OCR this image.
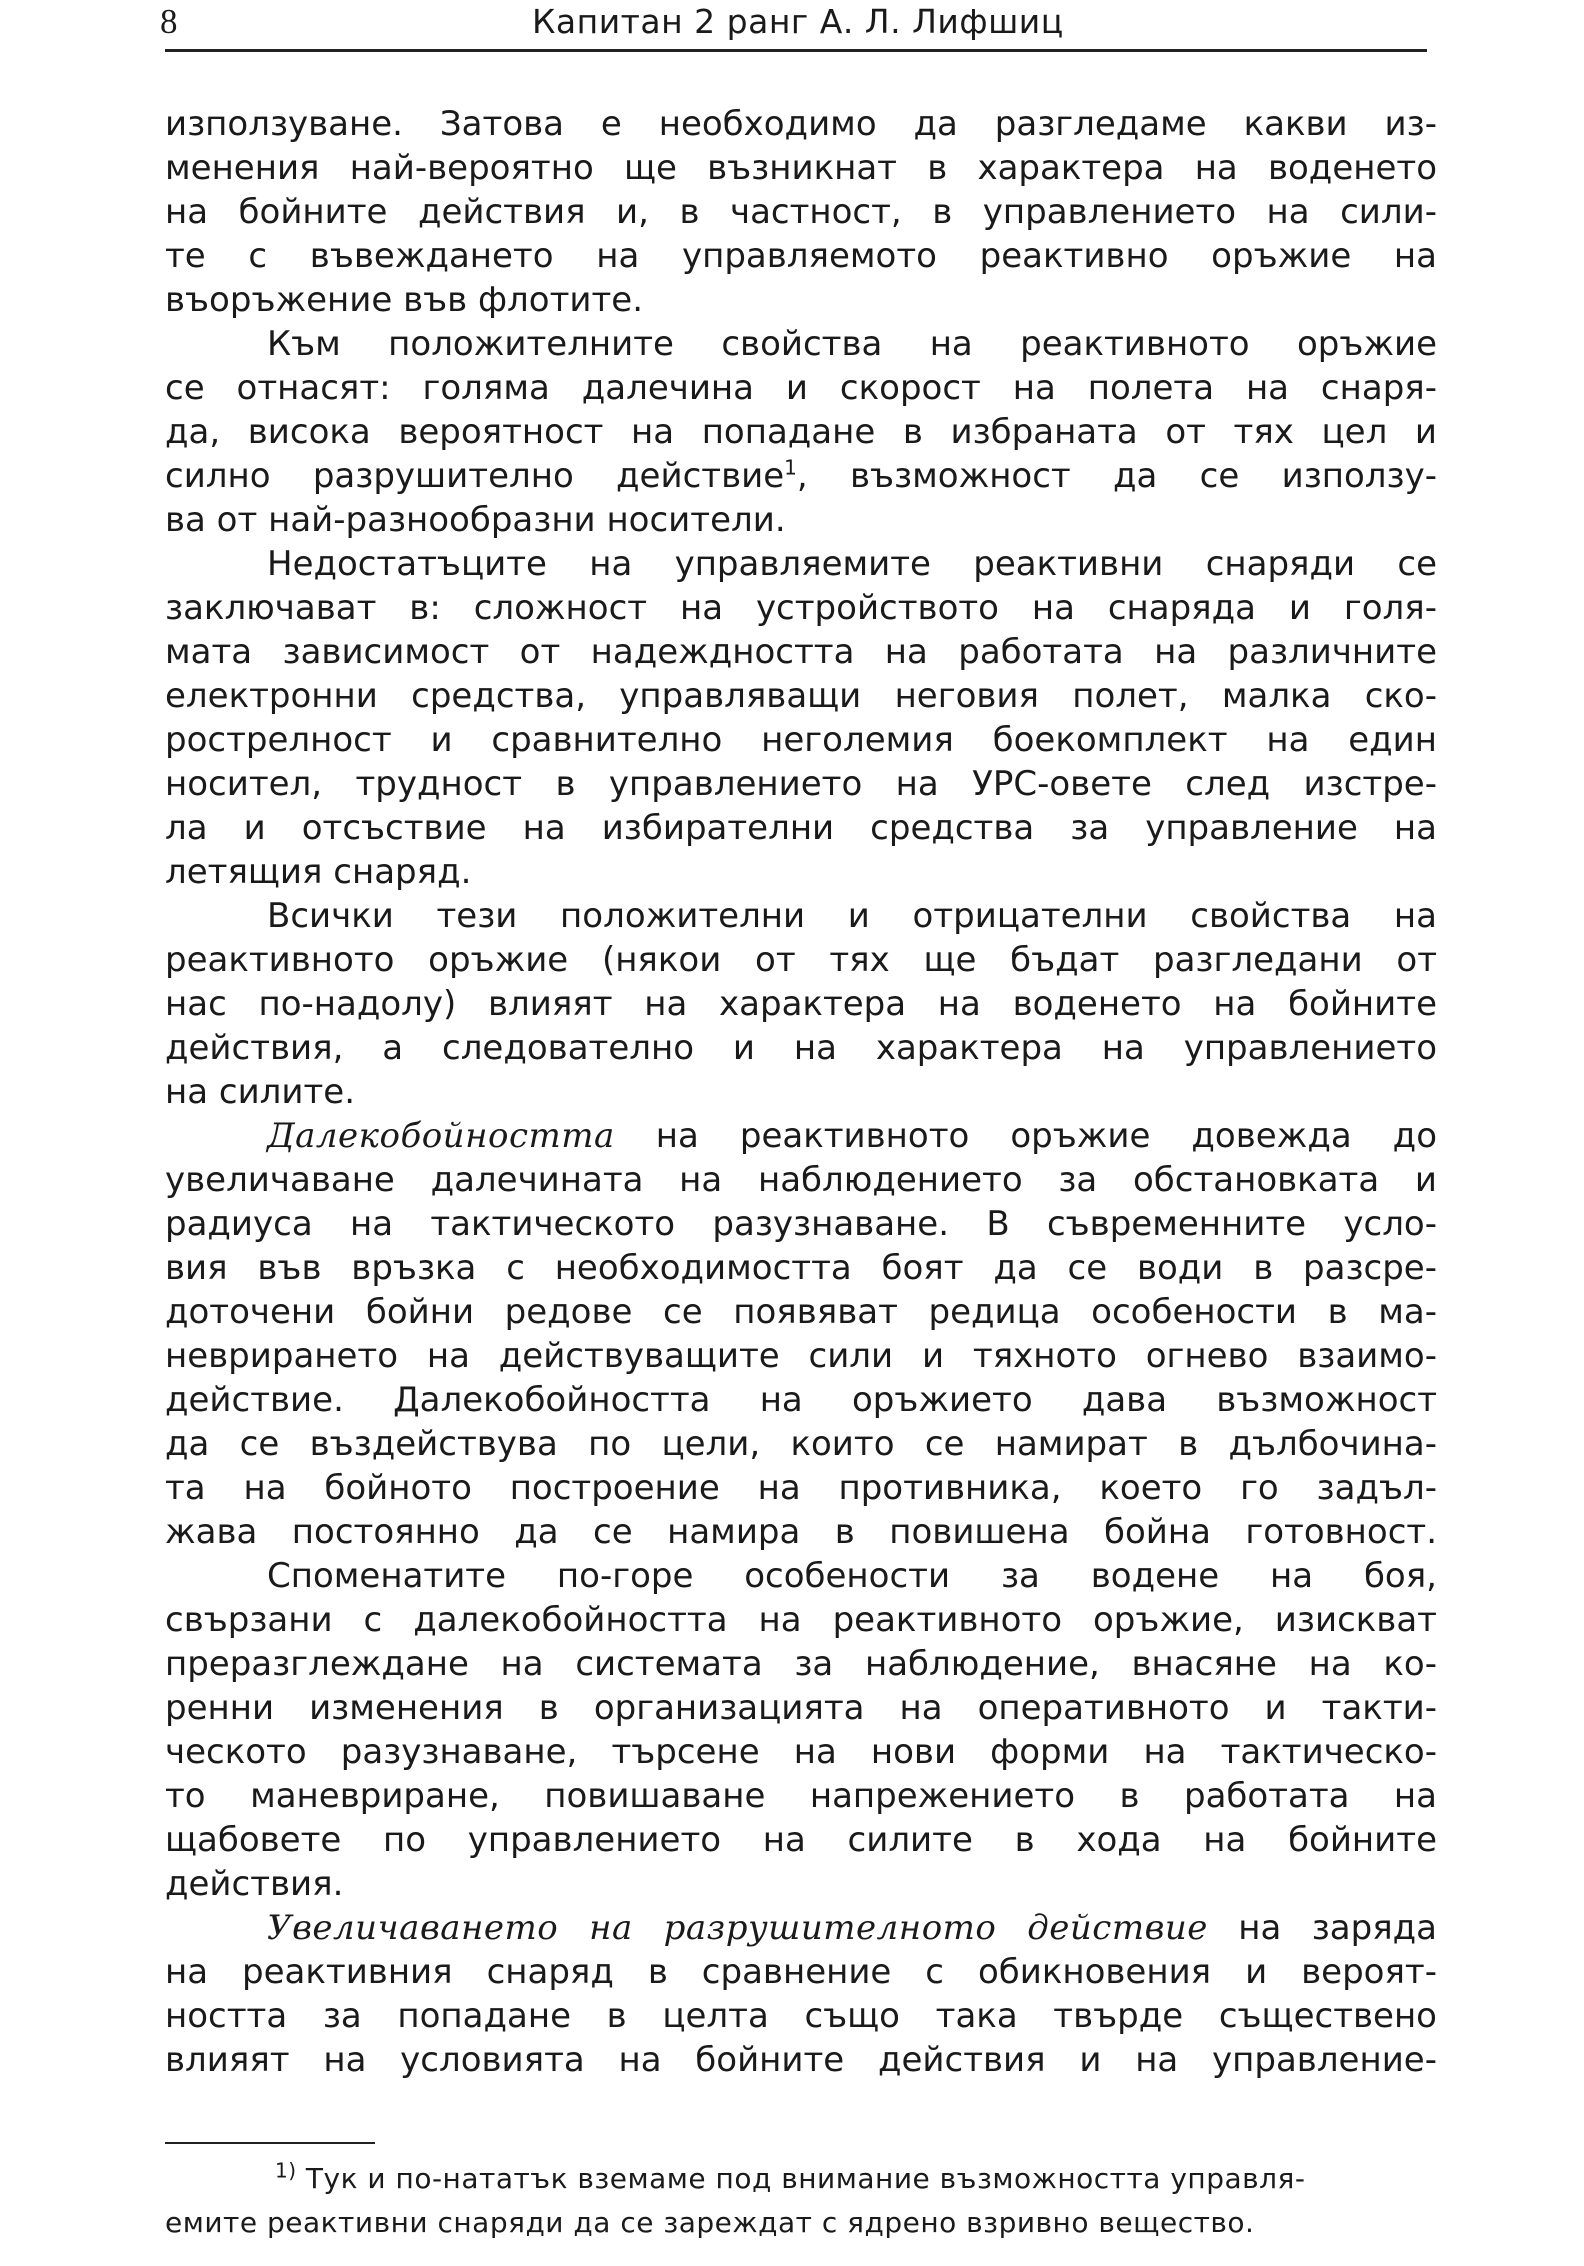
8	Капитан 2 ранг А. Л. Лифшиц
използуване. Затова е необходимо да разгледаме какви из-
менения най-вероятно ще възникнат в характера на воденето
на бойните действия и, в частност, в управлението на сили-
те с въвеждането на управляемото реактивно оръжие на
въоръжение във флотите.
Към положителните свойства на реактивното оръжие
се отнасят: голяма далечина и скорост на полета на снаря-
да, висока вероятност на попадане в избраната от тях цел и
силно разрушително действие$^1$, възможност да се използу-
ва от най-разнообразни носители.
Недостатъците на управляемите реактивни снаряди се
заключават в: сложност на устройството на снаряда и голя-
мата зависимост от надеждността на работата на различните
електронни средства, управляващи неговия полет, малка ско-
рострелност и сравнително неголемия боекомплект на един
носител, трудност в управлението на УРС-овете след изстре-
ла и отсъствие на избирателни средства за управление на
летящия снаряд.
Всички тези положителни и отрицателни свойства на
реактивното оръжие (някои от тях ще бъдат разгледани от
нас по-надолу) влияят на характера на воденето на бойните
действия, а следователно и на характера на управлението
на силите.
Далекобойността на реактивното оръжие довежда до
увеличаване далечината на наблюдението за обстановката и
радиуса на тактическото разузнаване. В съвременните усло-
вия във връзка с необходимостта боят да се води в разсре-
доточени бойни редове се появяват редица особености в ма-
неврирането на действуващите сили и тяхното огнево взаимо-
действие. Далекобойността на оръжието дава възможност
да се въздействува по цели, които се намират в дълбочина-
та на бойното построение на противника, което го задъл-
жава постоянно да се намира в повишена бойна готовност.
Споменатите по-горе особености за водене на боя,
свързани с далекобойността на реактивното оръжие, изискват
преразглеждане на системата за наблюдение, внасяне на ко-
ренни изменения в организацията на оперативното и такти-
ческото разузнаване, търсене на нови форми на тактическо-
то маневриране, повишаване напрежението в работата на
щабовете по управлението на силите в хода на бойните
действия.
Увеличаването на разрушителното действие на заряда
на реактивния снаряд в сравнение с обикновения и вероят-
ността за попадане в целта също така твърде съществено
влияят на условията на бойните действия и на управление-
$^{1)}$ Тук и по-нататък вземаме под внимание възможността управля-
емите реактивни снаряди да се зареждат с ядрено взривно вещество.
